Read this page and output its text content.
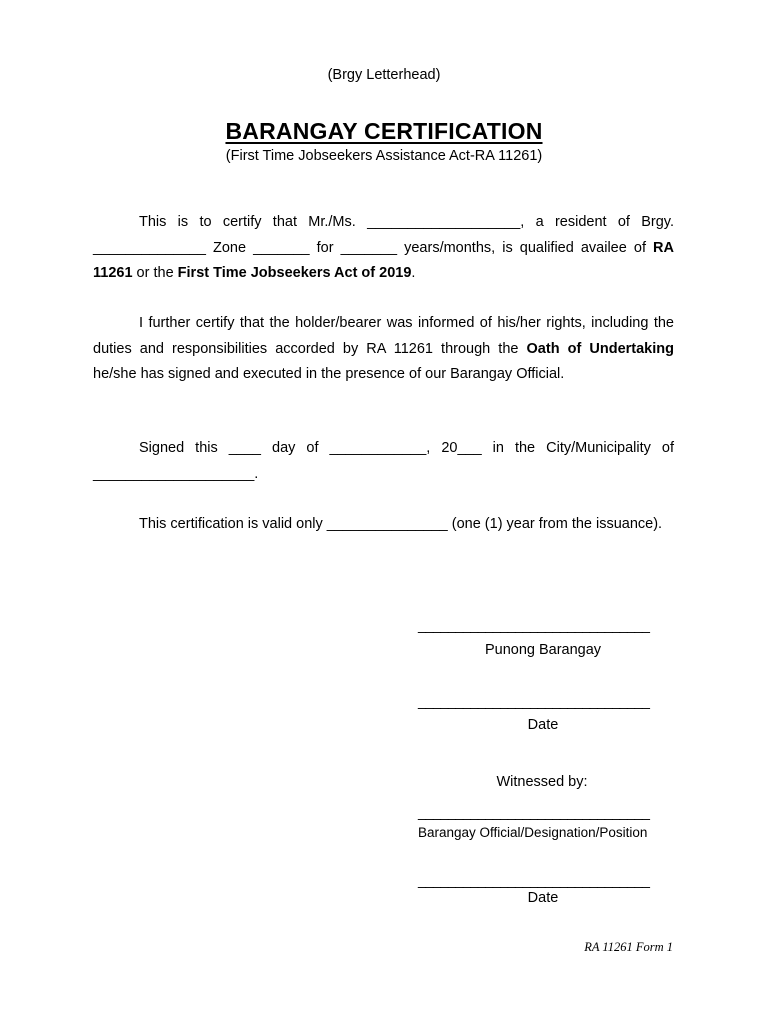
(Brgy Letterhead)
BARANGAY CERTIFICATION
(First Time Jobseekers Assistance Act-RA 11261)
This is to certify that Mr./Ms. ___________________, a resident of Brgy. ______________ Zone _______ for _______ years/months, is qualified availee of RA 11261 or the First Time Jobseekers Act of 2019.
I further certify that the holder/bearer was informed of his/her rights, including the duties and responsibilities accorded by RA 11261 through the Oath of Undertaking he/she has signed and executed in the presence of our Barangay Official.
Signed this ____ day of ____________, 20___ in the City/Municipality of ____________________.
This certification is valid only _______________ (one (1) year from the issuance).
_______________________________
Punong Barangay
_______________________________
Date
Witnessed by:
_______________________________
Barangay Official/Designation/Position
_______________________________
Date
RA 11261 Form 1
